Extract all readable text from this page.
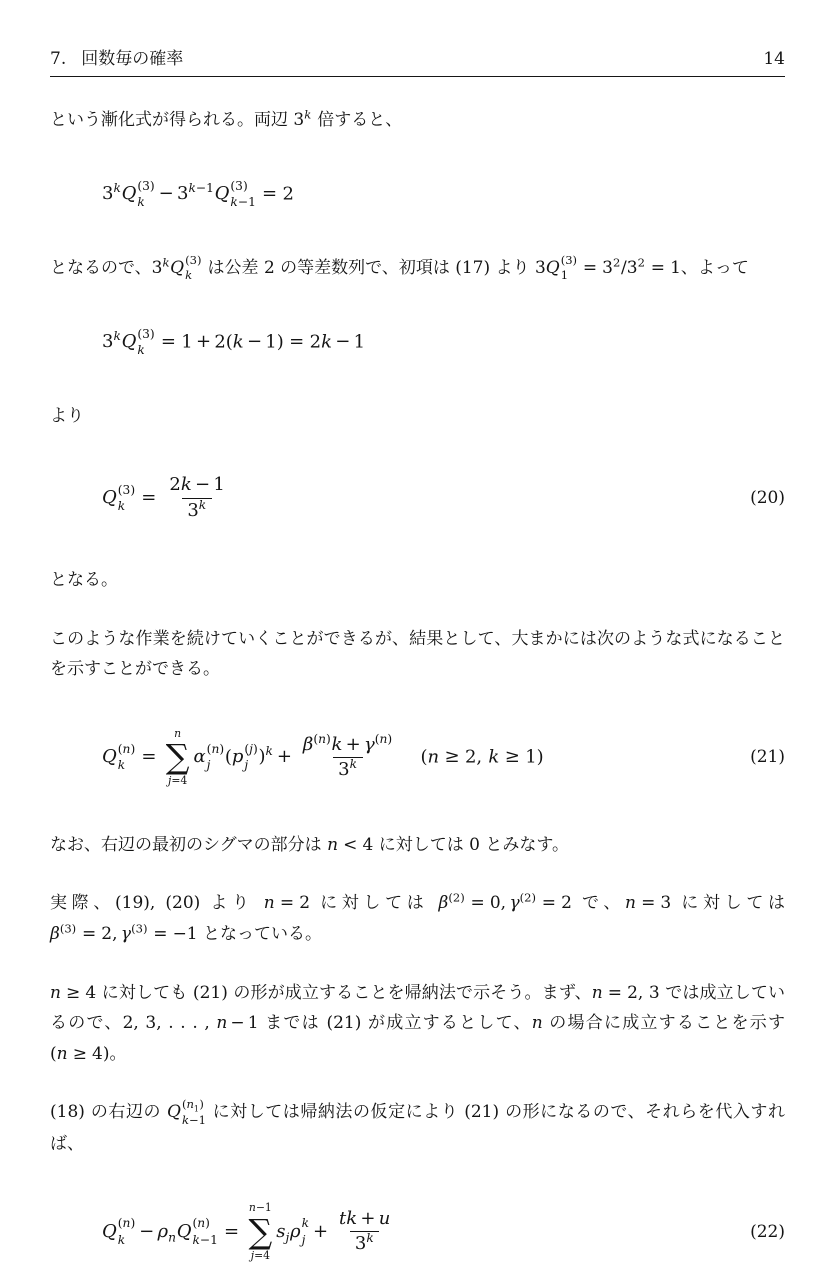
7. 回数毎の確率	14

という漸化式が得られる。両辺 3$^k$ 倍すると、

3$^k$Q (3)
$k - 3^{k-1}Q$ (3)
k−1 = 2

となるので、3$^k$Q (3)
k は公差 2 の等差数列で、初項は (17) より 3Q (3)
$1 = 3^2/3^2 = 1$、よって

3$^k$Q (3)
k = 1 + 2(k − 1) = 2k − 1

より

Q (3)
$k = \frac{2k - 1}{3^k}$	(20)

となる。

このような作業を続けていくことができるが、結果として、大まかには次のような式になることを示すことができる。

Q (n)
k =
n
∑
j=4
α (n)
j (p (j)
j )$^k + \frac{\beta^{(n)}k + \gamma^{(n)}}{3^k} (n \ge 2$, k ≥ 1)	(21)

なお、右辺の最初のシグマの部分は n < 4 に対しては 0 とみなす。

実際、(19), (20) より n = 2 に対しては $\beta^{(2)} = 0$, $\gamma^{(2)} = 2$ で、n = 3 に対しては $\beta^{(3)} = 2$, $\gamma^{(3)} = -1$ となっている。

n ≥ 4 に対しても (21) の形が成立することを帰納法で示そう。まず、n = 2, 3 では成立しているので、2, 3, . . . , n − 1 までは (21) が成立するとして、n の場合に成立することを示す (n ≥ 4)。

(18) の右辺の Q $(n_1)$
k−1 に対しては帰納法の仮定により (21) の形になるので、それらを代入すれば、

Q (n)
$k - \rho_nQ$ (n)
k−1 =
n−1
∑
j=4
$s_j\rho$ k
$j + \frac{tk + u}{3^k}$	(22)
